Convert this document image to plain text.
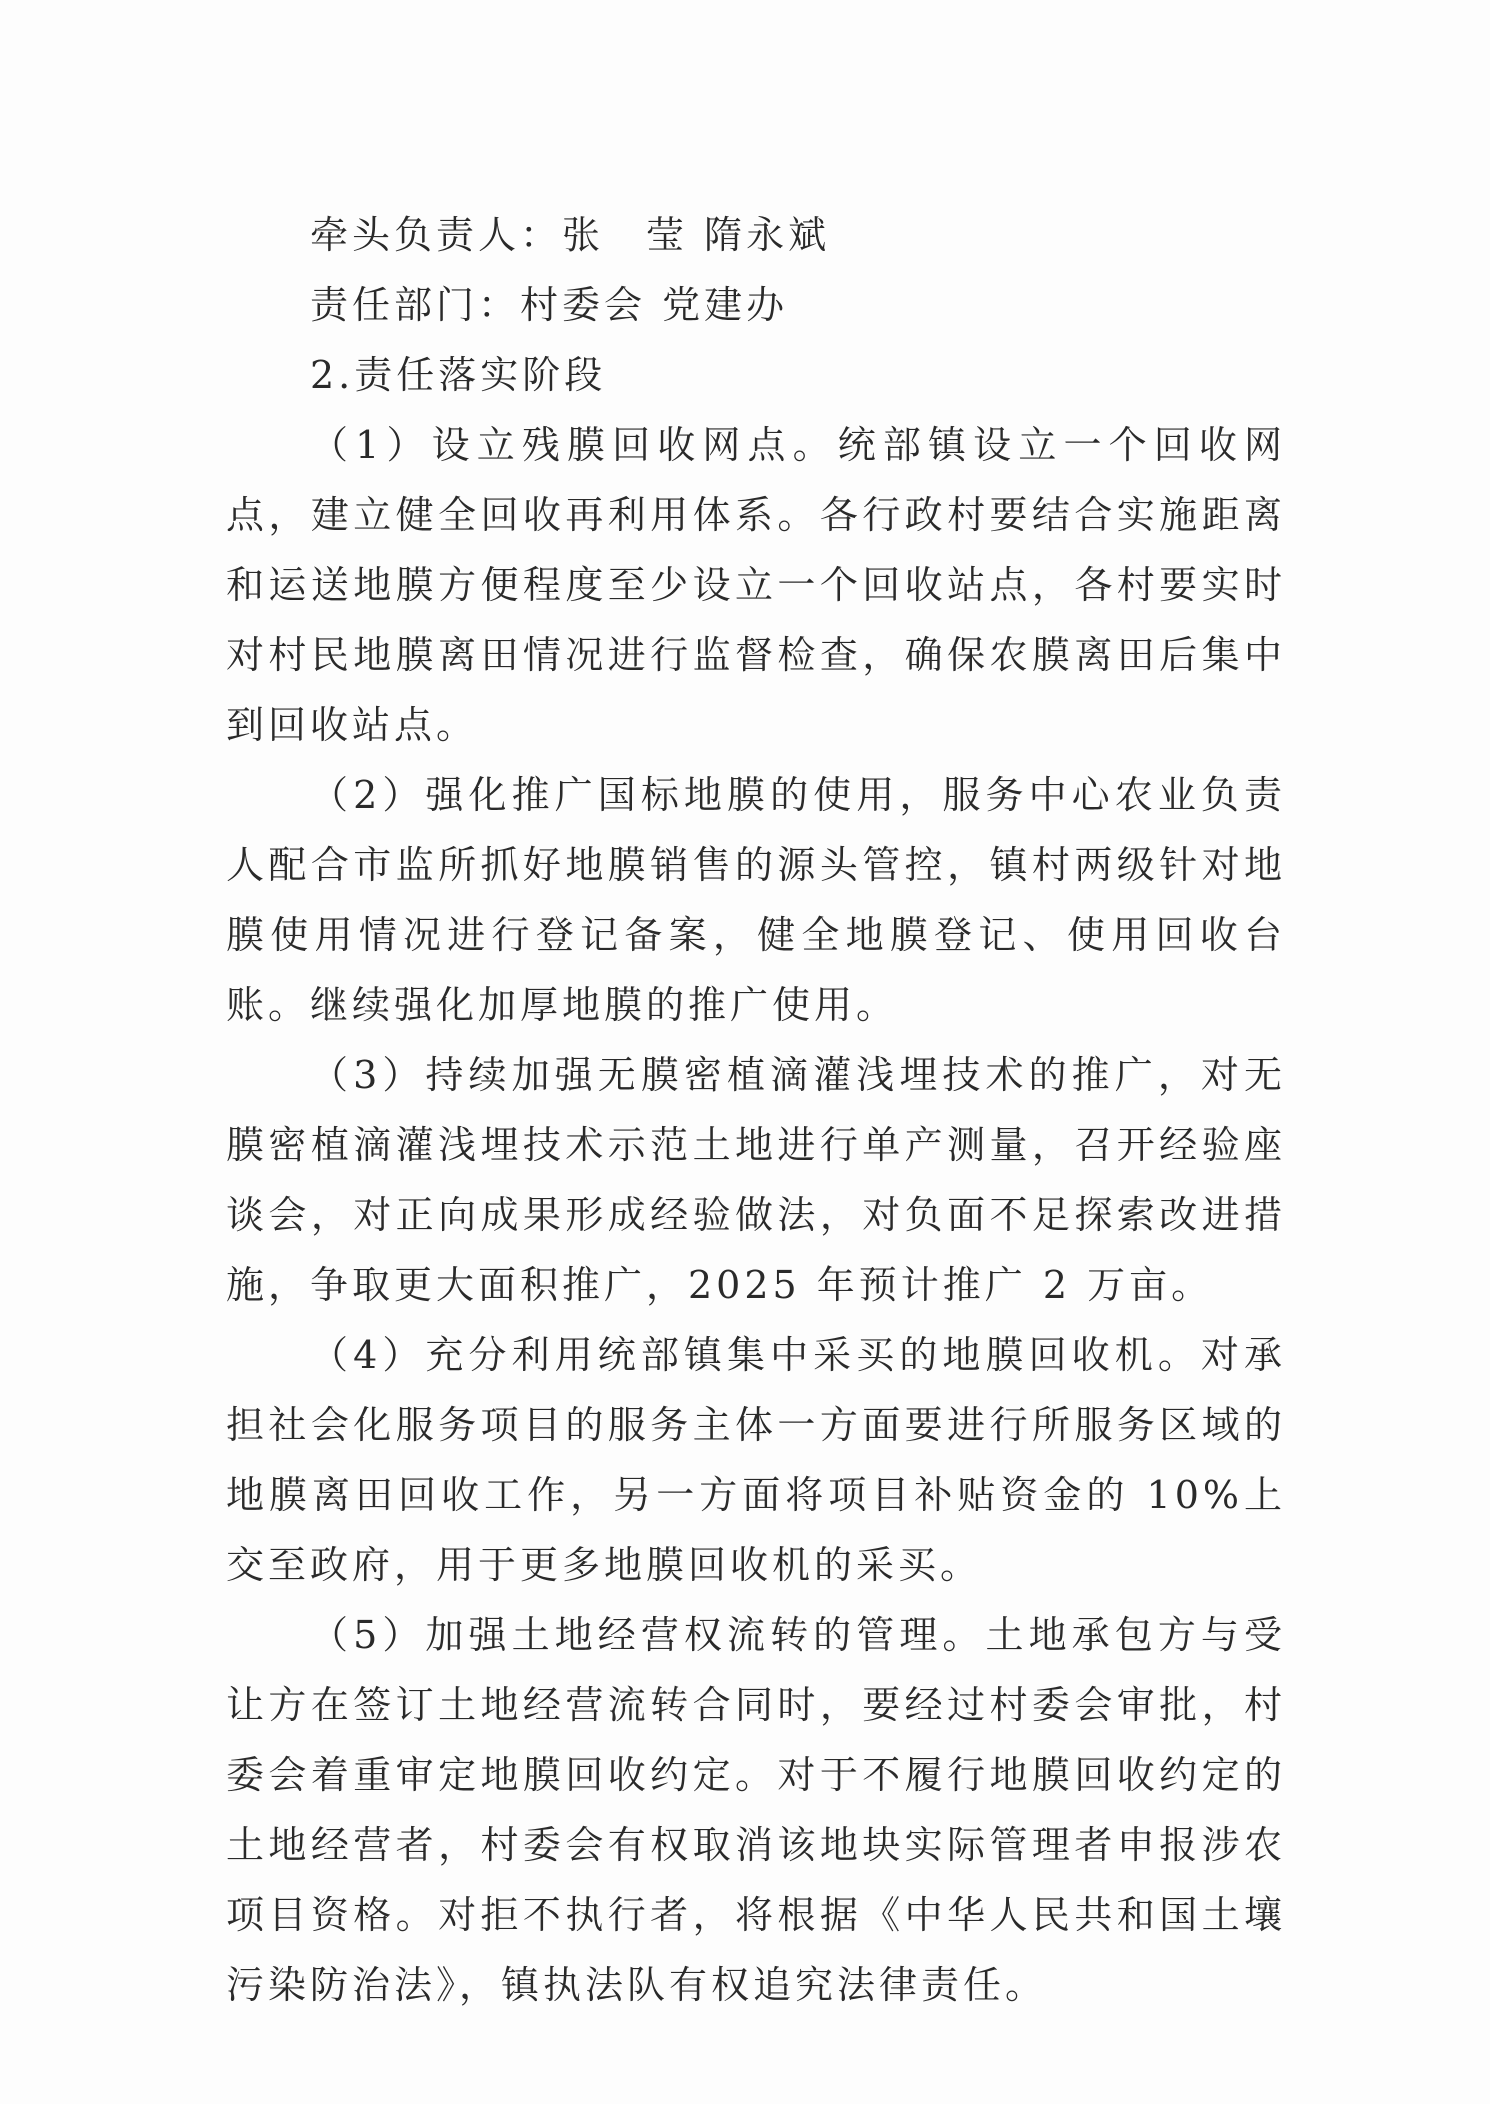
牵头负责人：张　莹 隋永斌

责任部门：村委会 党建办

2.责任落实阶段

（1）设立残膜回收网点。统部镇设立一个回收网点，建立健全回收再利用体系。各行政村要结合实施距离和运送地膜方便程度至少设立一个回收站点，各村要实时对村民地膜离田情况进行监督检查，确保农膜离田后集中到回收站点。

（2）强化推广国标地膜的使用，服务中心农业负责人配合市监所抓好地膜销售的源头管控，镇村两级针对地膜使用情况进行登记备案，健全地膜登记、使用回收台账。继续强化加厚地膜的推广使用。

（3）持续加强无膜密植滴灌浅埋技术的推广，对无膜密植滴灌浅埋技术示范土地进行单产测量，召开经验座谈会，对正向成果形成经验做法，对负面不足探索改进措施，争取更大面积推广，2025 年预计推广 2 万亩。

（4）充分利用统部镇集中采买的地膜回收机。对承担社会化服务项目的服务主体一方面要进行所服务区域的地膜离田回收工作，另一方面将项目补贴资金的 10%上交至政府，用于更多地膜回收机的采买。

（5）加强土地经营权流转的管理。土地承包方与受让方在签订土地经营流转合同时，要经过村委会审批，村委会着重审定地膜回收约定。对于不履行地膜回收约定的土地经营者，村委会有权取消该地块实际管理者申报涉农项目资格。对拒不执行者，将根据《中华人民共和国土壤污染防治法》，镇执法队有权追究法律责任。
